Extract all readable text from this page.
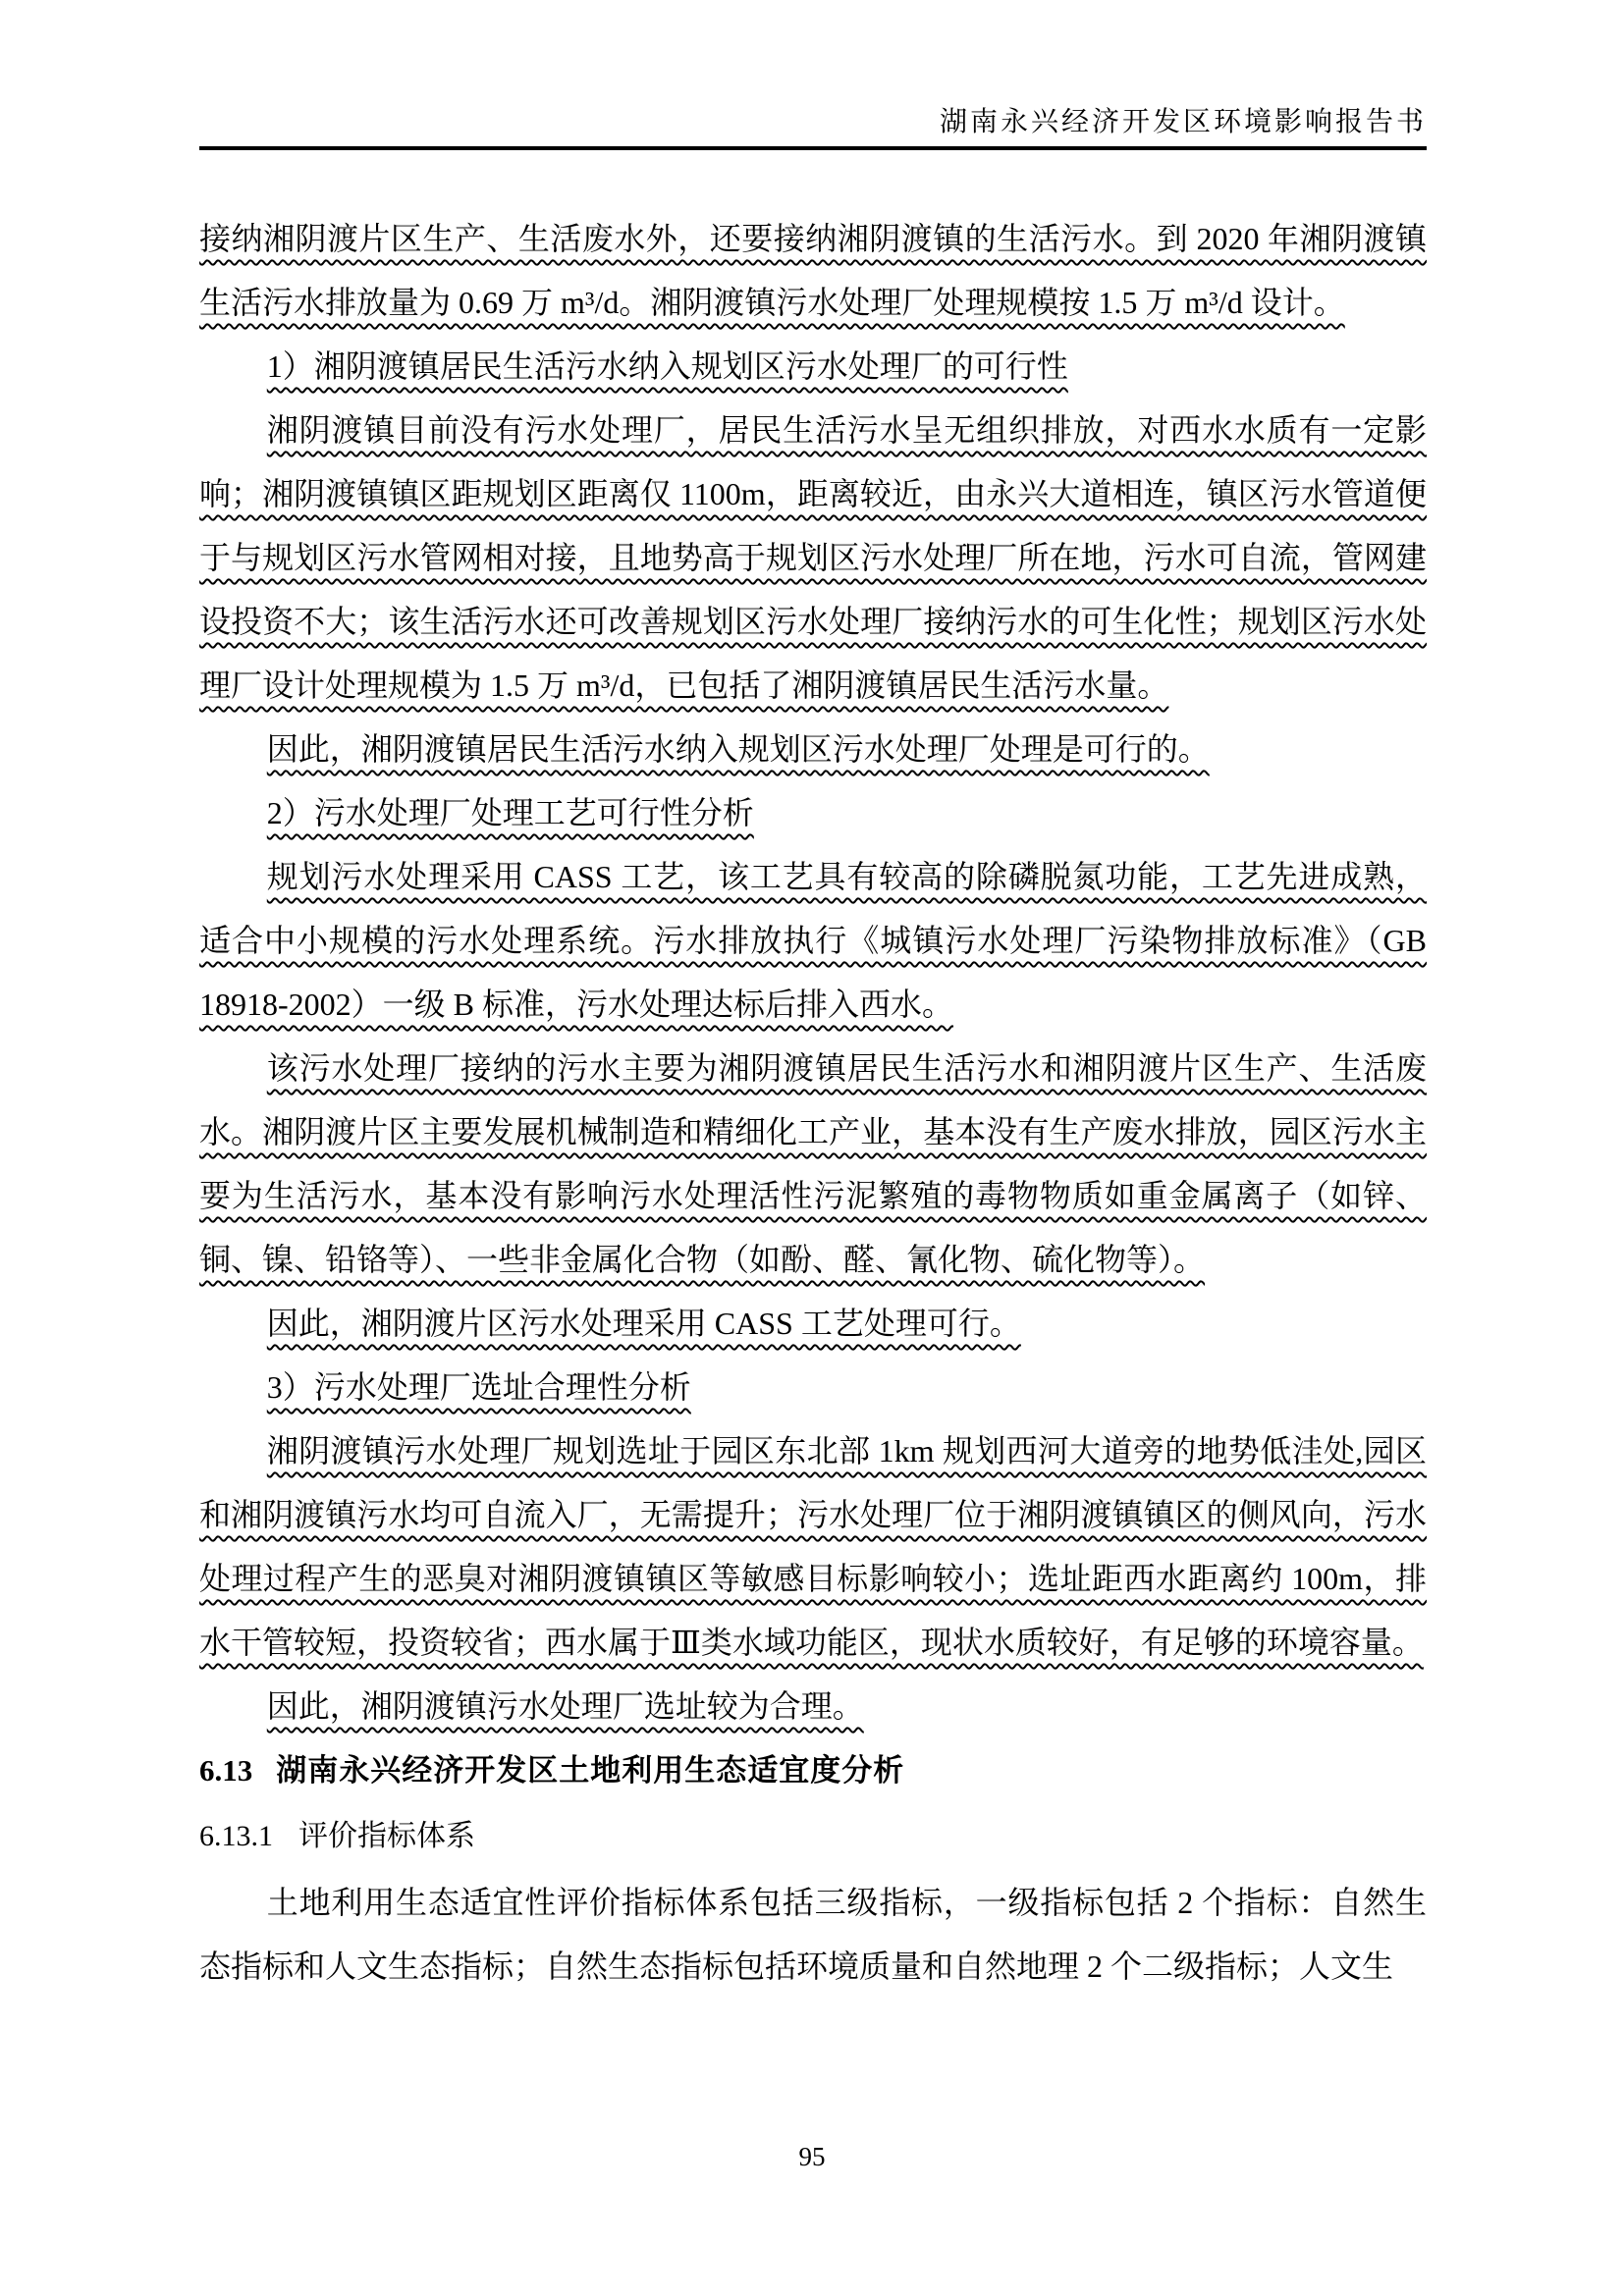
湖南永兴经济开发区环境影响报告书

接纳湘阴渡片区生产、生活废水外，还要接纳湘阴渡镇的生活污水。到 2020 年湘阴渡镇生活污水排放量为 0.69 万 m³/d。湘阴渡镇污水处理厂处理规模按 1.5 万 m³/d 设计。

1）湘阴渡镇居民生活污水纳入规划区污水处理厂的可行性

湘阴渡镇目前没有污水处理厂，居民生活污水呈无组织排放，对西水水质有一定影响；湘阴渡镇镇区距规划区距离仅 1100m，距离较近，由永兴大道相连，镇区污水管道便于与规划区污水管网相对接，且地势高于规划区污水处理厂所在地，污水可自流，管网建设投资不大；该生活污水还可改善规划区污水处理厂接纳污水的可生化性；规划区污水处理厂设计处理规模为 1.5 万 m³/d，已包括了湘阴渡镇居民生活污水量。

因此，湘阴渡镇居民生活污水纳入规划区污水处理厂处理是可行的。

2）污水处理厂处理工艺可行性分析

规划污水处理采用 CASS 工艺，该工艺具有较高的除磷脱氮功能，工艺先进成熟，适合中小规模的污水处理系统。污水排放执行《城镇污水处理厂污染物排放标准》（GB 18918-2002）一级 B 标准，污水处理达标后排入西水。

该污水处理厂接纳的污水主要为湘阴渡镇居民生活污水和湘阴渡片区生产、生活废水。湘阴渡片区主要发展机械制造和精细化工产业，基本没有生产废水排放，园区污水主要为生活污水，基本没有影响污水处理活性污泥繁殖的毒物物质如重金属离子（如锌、铜、镍、铅铬等）、一些非金属化合物（如酚、醛、氰化物、硫化物等）。

因此，湘阴渡片区污水处理采用 CASS 工艺处理可行。

3）污水处理厂选址合理性分析

湘阴渡镇污水处理厂规划选址于园区东北部 1km 规划西河大道旁的地势低洼处,园区和湘阴渡镇污水均可自流入厂，无需提升；污水处理厂位于湘阴渡镇镇区的侧风向，污水处理过程产生的恶臭对湘阴渡镇镇区等敏感目标影响较小；选址距西水距离约 100m，排水干管较短，投资较省；西水属于Ⅲ类水域功能区，现状水质较好，有足够的环境容量。

因此，湘阴渡镇污水处理厂选址较为合理。

6.13 湖南永兴经济开发区土地利用生态适宜度分析
6.13.1 评价指标体系

土地利用生态适宜性评价指标体系包括三级指标，一级指标包括 2 个指标：自然生态指标和人文生态指标；自然生态指标包括环境质量和自然地理 2 个二级指标；人文生

95
